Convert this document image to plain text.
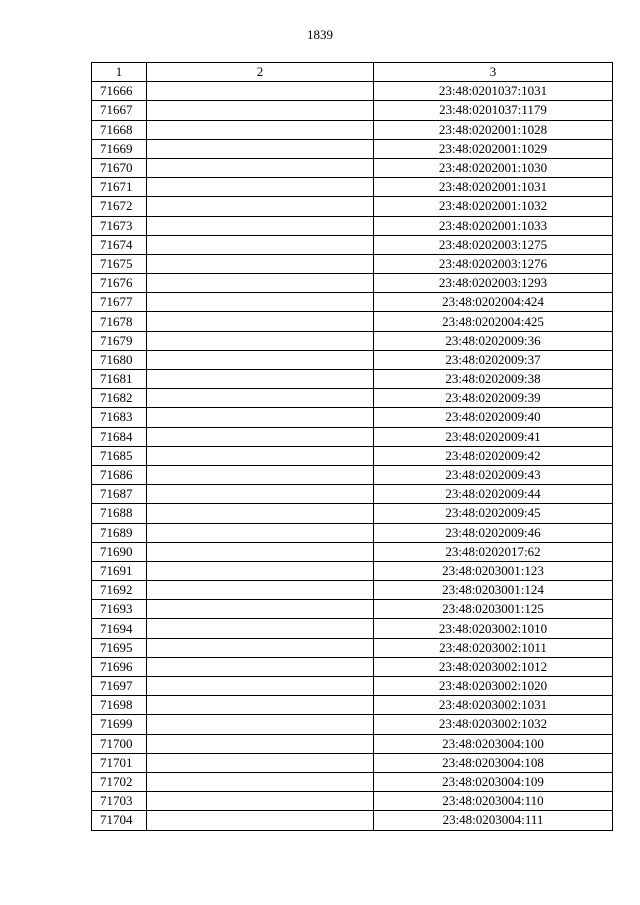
1839
1	2	3
71666		23:48:0201037:1031
71667		23:48:0201037:1179
71668		23:48:0202001:1028
71669		23:48:0202001:1029
71670		23:48:0202001:1030
71671		23:48:0202001:1031
71672		23:48:0202001:1032
71673		23:48:0202001:1033
71674		23:48:0202003:1275
71675		23:48:0202003:1276
71676		23:48:0202003:1293
71677		23:48:0202004:424
71678		23:48:0202004:425
71679		23:48:0202009:36
71680		23:48:0202009:37
71681		23:48:0202009:38
71682		23:48:0202009:39
71683		23:48:0202009:40
71684		23:48:0202009:41
71685		23:48:0202009:42
71686		23:48:0202009:43
71687		23:48:0202009:44
71688		23:48:0202009:45
71689		23:48:0202009:46
71690		23:48:0202017:62
71691		23:48:0203001:123
71692		23:48:0203001:124
71693		23:48:0203001:125
71694		23:48:0203002:1010
71695		23:48:0203002:1011
71696		23:48:0203002:1012
71697		23:48:0203002:1020
71698		23:48:0203002:1031
71699		23:48:0203002:1032
71700		23:48:0203004:100
71701		23:48:0203004:108
71702		23:48:0203004:109
71703		23:48:0203004:110
71704		23:48:0203004:111
